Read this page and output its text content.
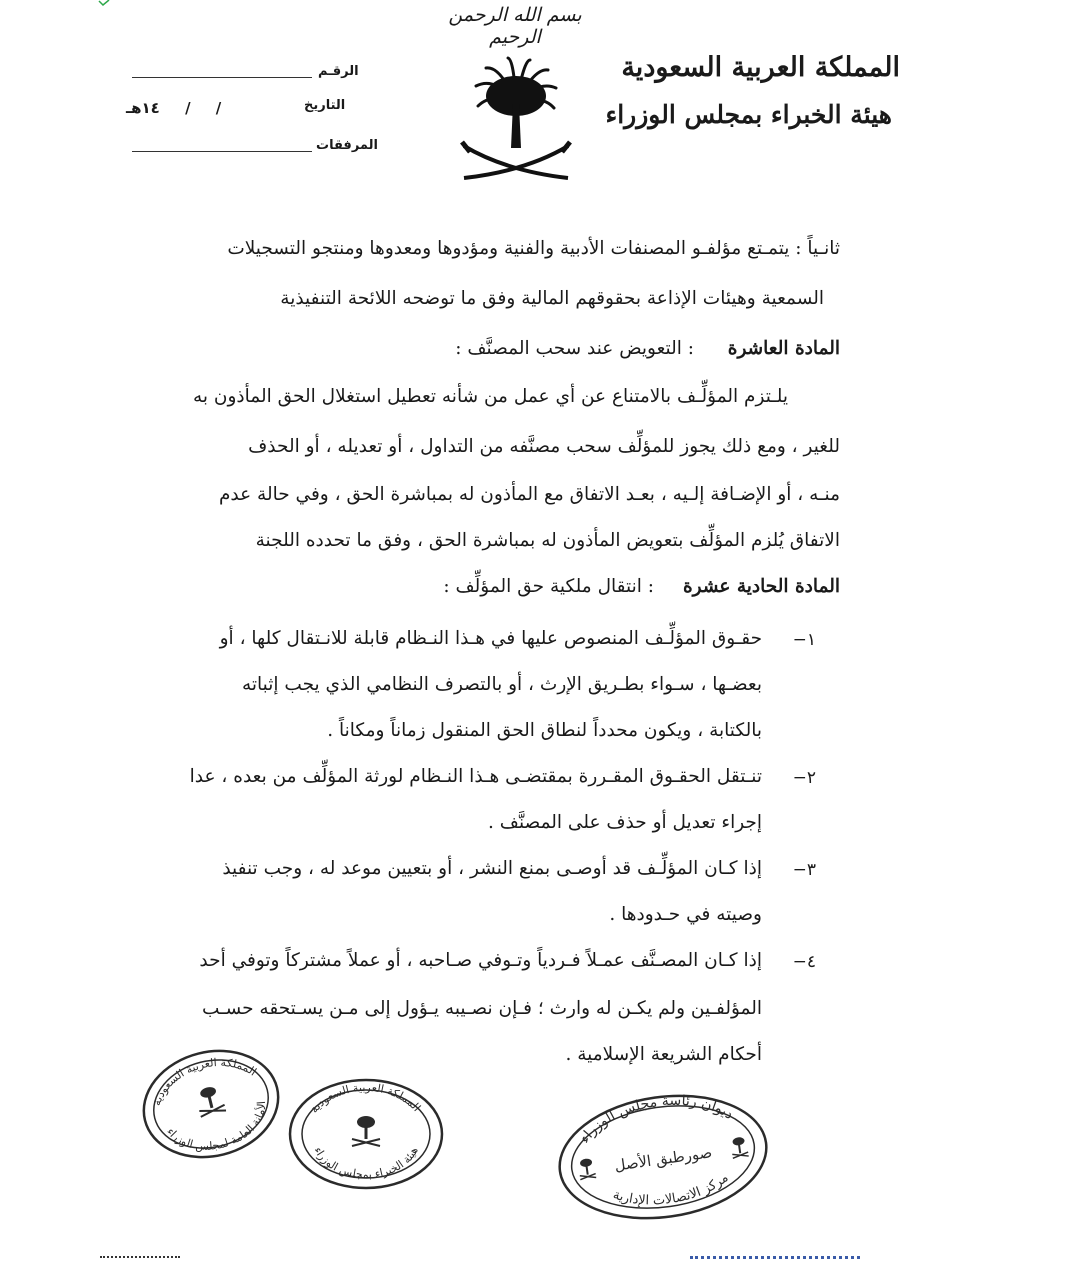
بسم الله الرحمن الرحيم
المملكة العربية السعودية
هيئة الخبراء بمجلس الوزراء
الرقـم
التاريخ
/ / ١٤هـ
المرفقات
ثانـياً : يتمـتع مؤلفـو المصنفات الأدبية والفنية ومؤدوها ومعدوها ومنتجو التسجيلات
السمعية وهيئات الإذاعة بحقوقهم المالية وفق ما توضحه اللائحة التنفيذية
المادة العاشرة
: التعويض عند سحب المصنَّف :
يلـتزم المؤلِّـف بالامتناع عن أي عمل من شأنه تعطيل استغلال الحق المأذون به
للغير ، ومع ذلك يجوز للمؤلِّف سحب مصنَّفه من التداول ، أو تعديله ، أو الحذف
منـه ، أو الإضـافة إلـيه ، بعـد الاتفاق مع المأذون له بمباشرة الحق ، وفي حالة عدم
الاتفاق يُلزم المؤلِّف بتعويض المأذون له بمباشرة الحق ، وفق ما تحدده اللجنة
المادة الحادية عشرة
: انتقال ملكية حق المؤلِّف :
١−
حقـوق المؤلِّـف المنصوص عليها في هـذا النـظام قابلة للانـتقال كلها ، أو
بعضـها ، سـواء بطـريق الإرث ، أو بالتصرف النظامي الذي يجب إثباته
بالكتابة ، ويكون محدداً لنطاق الحق المنقول زماناً ومكاناً .
٢−
تنـتقل الحقـوق المقـررة بمقتضـى هـذا النـظام لورثة المؤلِّف من بعده ، عدا
إجراء تعديل أو حذف على المصنَّف .
٣−
إذا كـان المؤلِّـف قد أوصـى بمنع النشر ، أو بتعيين موعد له ، وجب تنفيذ
وصيته في حـدودها .
٤−
إذا كـان المصـنَّف عمـلاً فـردياً وتـوفي صـاحبه ، أو عملاً مشتركاً وتوفي أحد
المؤلفـين ولم يكـن له وارث ؛ فـإن نصـيبه يـؤول إلى مـن يسـتحقه حسـب
أحكام الشريعة الإسلامية .
المملكة العربية السعودية
الأمانة العامة لمجلس الوزراء	المملكة العربية السعودية
هيئة الخبراء بمجلس الوزراء
ديوان رئاسة مجلس الوزراء
صورطبق الأصل
مركز الاتصالات الإدارية
